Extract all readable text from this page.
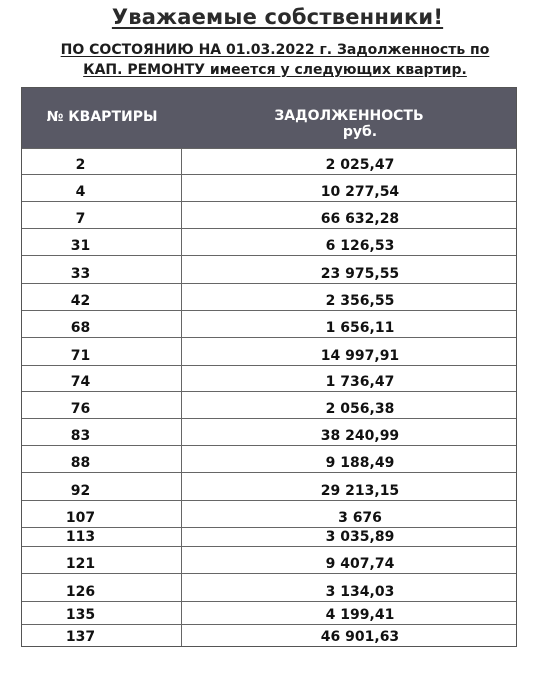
Уважаемые собственники!
ПО СОСТОЯНИЮ НА 01.03.2022 г. Задолженность по
КАП. РЕМОНТУ имеется у следующих квартир.
№ КВАРТИРЫ	ЗАДОЛЖЕННОСТЬ
руб.
2	2 025,47
4	10 277,54
7	66 632,28
31	6 126,53
33	23 975,55
42	2 356,55
68	1 656,11
71	14 997,91
74	1 736,47
76	2 056,38
83	38 240,99
88	9 188,49
92	29 213,15
107	3 676
113	3 035,89
121	9 407,74
126	3 134,03
135	4 199,41
137	46 901,63
